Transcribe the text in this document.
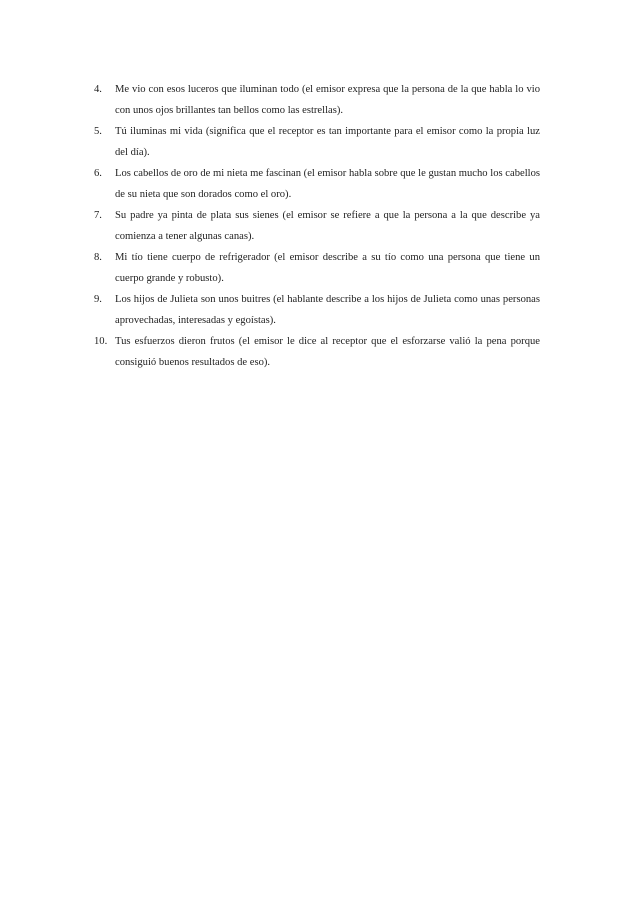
4.	Me vio con esos luceros que iluminan todo (el emisor expresa que la persona de la que habla lo vio con unos ojos brillantes tan bellos como las estrellas).
5.	Tú iluminas mi vida (significa que el receptor es tan importante para el emisor como la propia luz del día).
6.	Los cabellos de oro de mi nieta me fascinan (el emisor habla sobre que le gustan mucho los cabellos de su nieta que son dorados como el oro).
7.	Su padre ya pinta de plata sus sienes (el emisor se refiere a que la persona a la que describe ya comienza a tener algunas canas).
8.	Mi tío tiene cuerpo de refrigerador (el emisor describe a su tío como una persona que tiene un cuerpo grande y robusto).
9.	Los hijos de Julieta son unos buitres (el hablante describe a los hijos de Julieta como unas personas aprovechadas, interesadas y egoístas).
10. Tus esfuerzos dieron frutos (el emisor le dice al receptor que el esforzarse valió la pena porque consiguió buenos resultados de eso).
